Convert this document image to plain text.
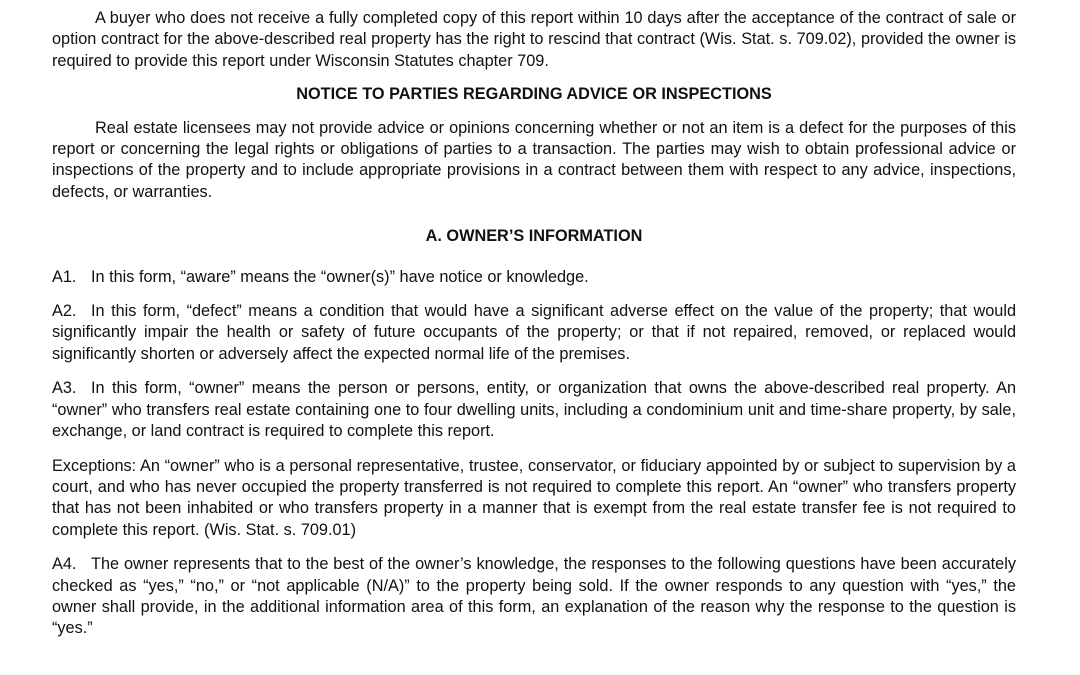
A buyer who does not receive a fully completed copy of this report within 10 days after the acceptance of the contract of sale or option contract for the above-described real property has the right to rescind that contract (Wis. Stat. s. 709.02), provided the owner is required to provide this report under Wisconsin Statutes chapter 709.

NOTICE TO PARTIES REGARDING ADVICE OR INSPECTIONS

Real estate licensees may not provide advice or opinions concerning whether or not an item is a defect for the purposes of this report or concerning the legal rights or obligations of parties to a transaction. The parties may wish to obtain professional advice or inspections of the property and to include appropriate provisions in a contract between them with respect to any advice, inspections, defects, or warranties.

A. OWNER’S INFORMATION

A1. In this form, “aware” means the “owner(s)” have notice or knowledge.

A2. In this form, “defect” means a condition that would have a significant adverse effect on the value of the property; that would significantly impair the health or safety of future occupants of the property; or that if not repaired, removed, or replaced would significantly shorten or adversely affect the expected normal life of the premises.

A3. In this form, “owner” means the person or persons, entity, or organization that owns the above-described real property. An “owner” who transfers real estate containing one to four dwelling units, including a condominium unit and time-share property, by sale, exchange, or land contract is required to complete this report.

Exceptions: An “owner” who is a personal representative, trustee, conservator, or fiduciary appointed by or subject to supervision by a court, and who has never occupied the property transferred is not required to complete this report. An “owner” who transfers property that has not been inhabited or who transfers property in a manner that is exempt from the real estate transfer fee is not required to complete this report. (Wis. Stat. s. 709.01)

A4. The owner represents that to the best of the owner’s knowledge, the responses to the following questions have been accurately checked as “yes,” “no,” or “not applicable (N/A)” to the property being sold. If the owner responds to any question with “yes,” the owner shall provide, in the additional information area of this form, an explanation of the reason why the response to the question is “yes.”
